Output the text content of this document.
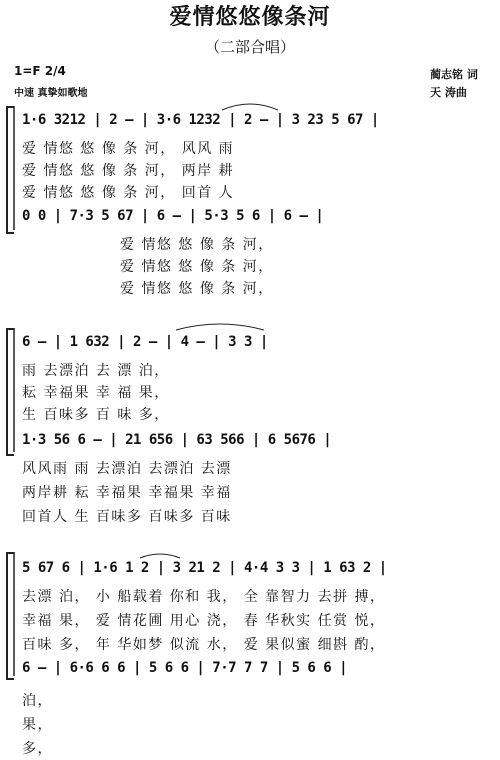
爱情悠悠像条河
（二部合唱）
1=F 2/4
中速 真挚如歌地
蔺志铭 词
天 涛曲
1·6 3212 | 2 – | 3·6 1232 | 2 – | 3 23 5 67 |
爱 情悠 悠 像 条 河， 风风 雨
爱 情悠 悠 像 条 河， 两岸 耕
爱 情悠 悠 像 条 河， 回首 人
0 0 | 7·3 5 67 | 6 – | 5·3 5 6 | 6 – |
爱 情悠 悠 像 条 河，
爱 情悠 悠 像 条 河，
爱 情悠 悠 像 条 河，
6 – | 1 632 | 2 – | 4 – | 3 3 |
雨 去漂泊 去 漂 泊，
耘 幸福果 幸 福 果，
生 百味多 百 味 多，
1·3 56 6 – | 21 656 | 63 566 | 6 5676 |
风风雨 雨 去漂泊 去漂泊 去漂
两岸耕 耘 幸福果 幸福果 幸福
回首人 生 百味多 百味多 百味
5 67 6 | 1·6 1 2 | 3 21 2 | 4·4 3 3 | 1 63 2 |
去漂 泊， 小 船载着 你和 我， 全 靠智力 去拼 搏，
幸福 果， 爱 情花圃 用心 浇， 春 华秋实 任赏 悦，
百味 多， 年 华如梦 似流 水， 爱 果似蜜 细斟 酌，
6 – | 6·6 6 6 | 5 6 6 | 7·7 7 7 | 5 6 6 |
泊，
果，
多，
